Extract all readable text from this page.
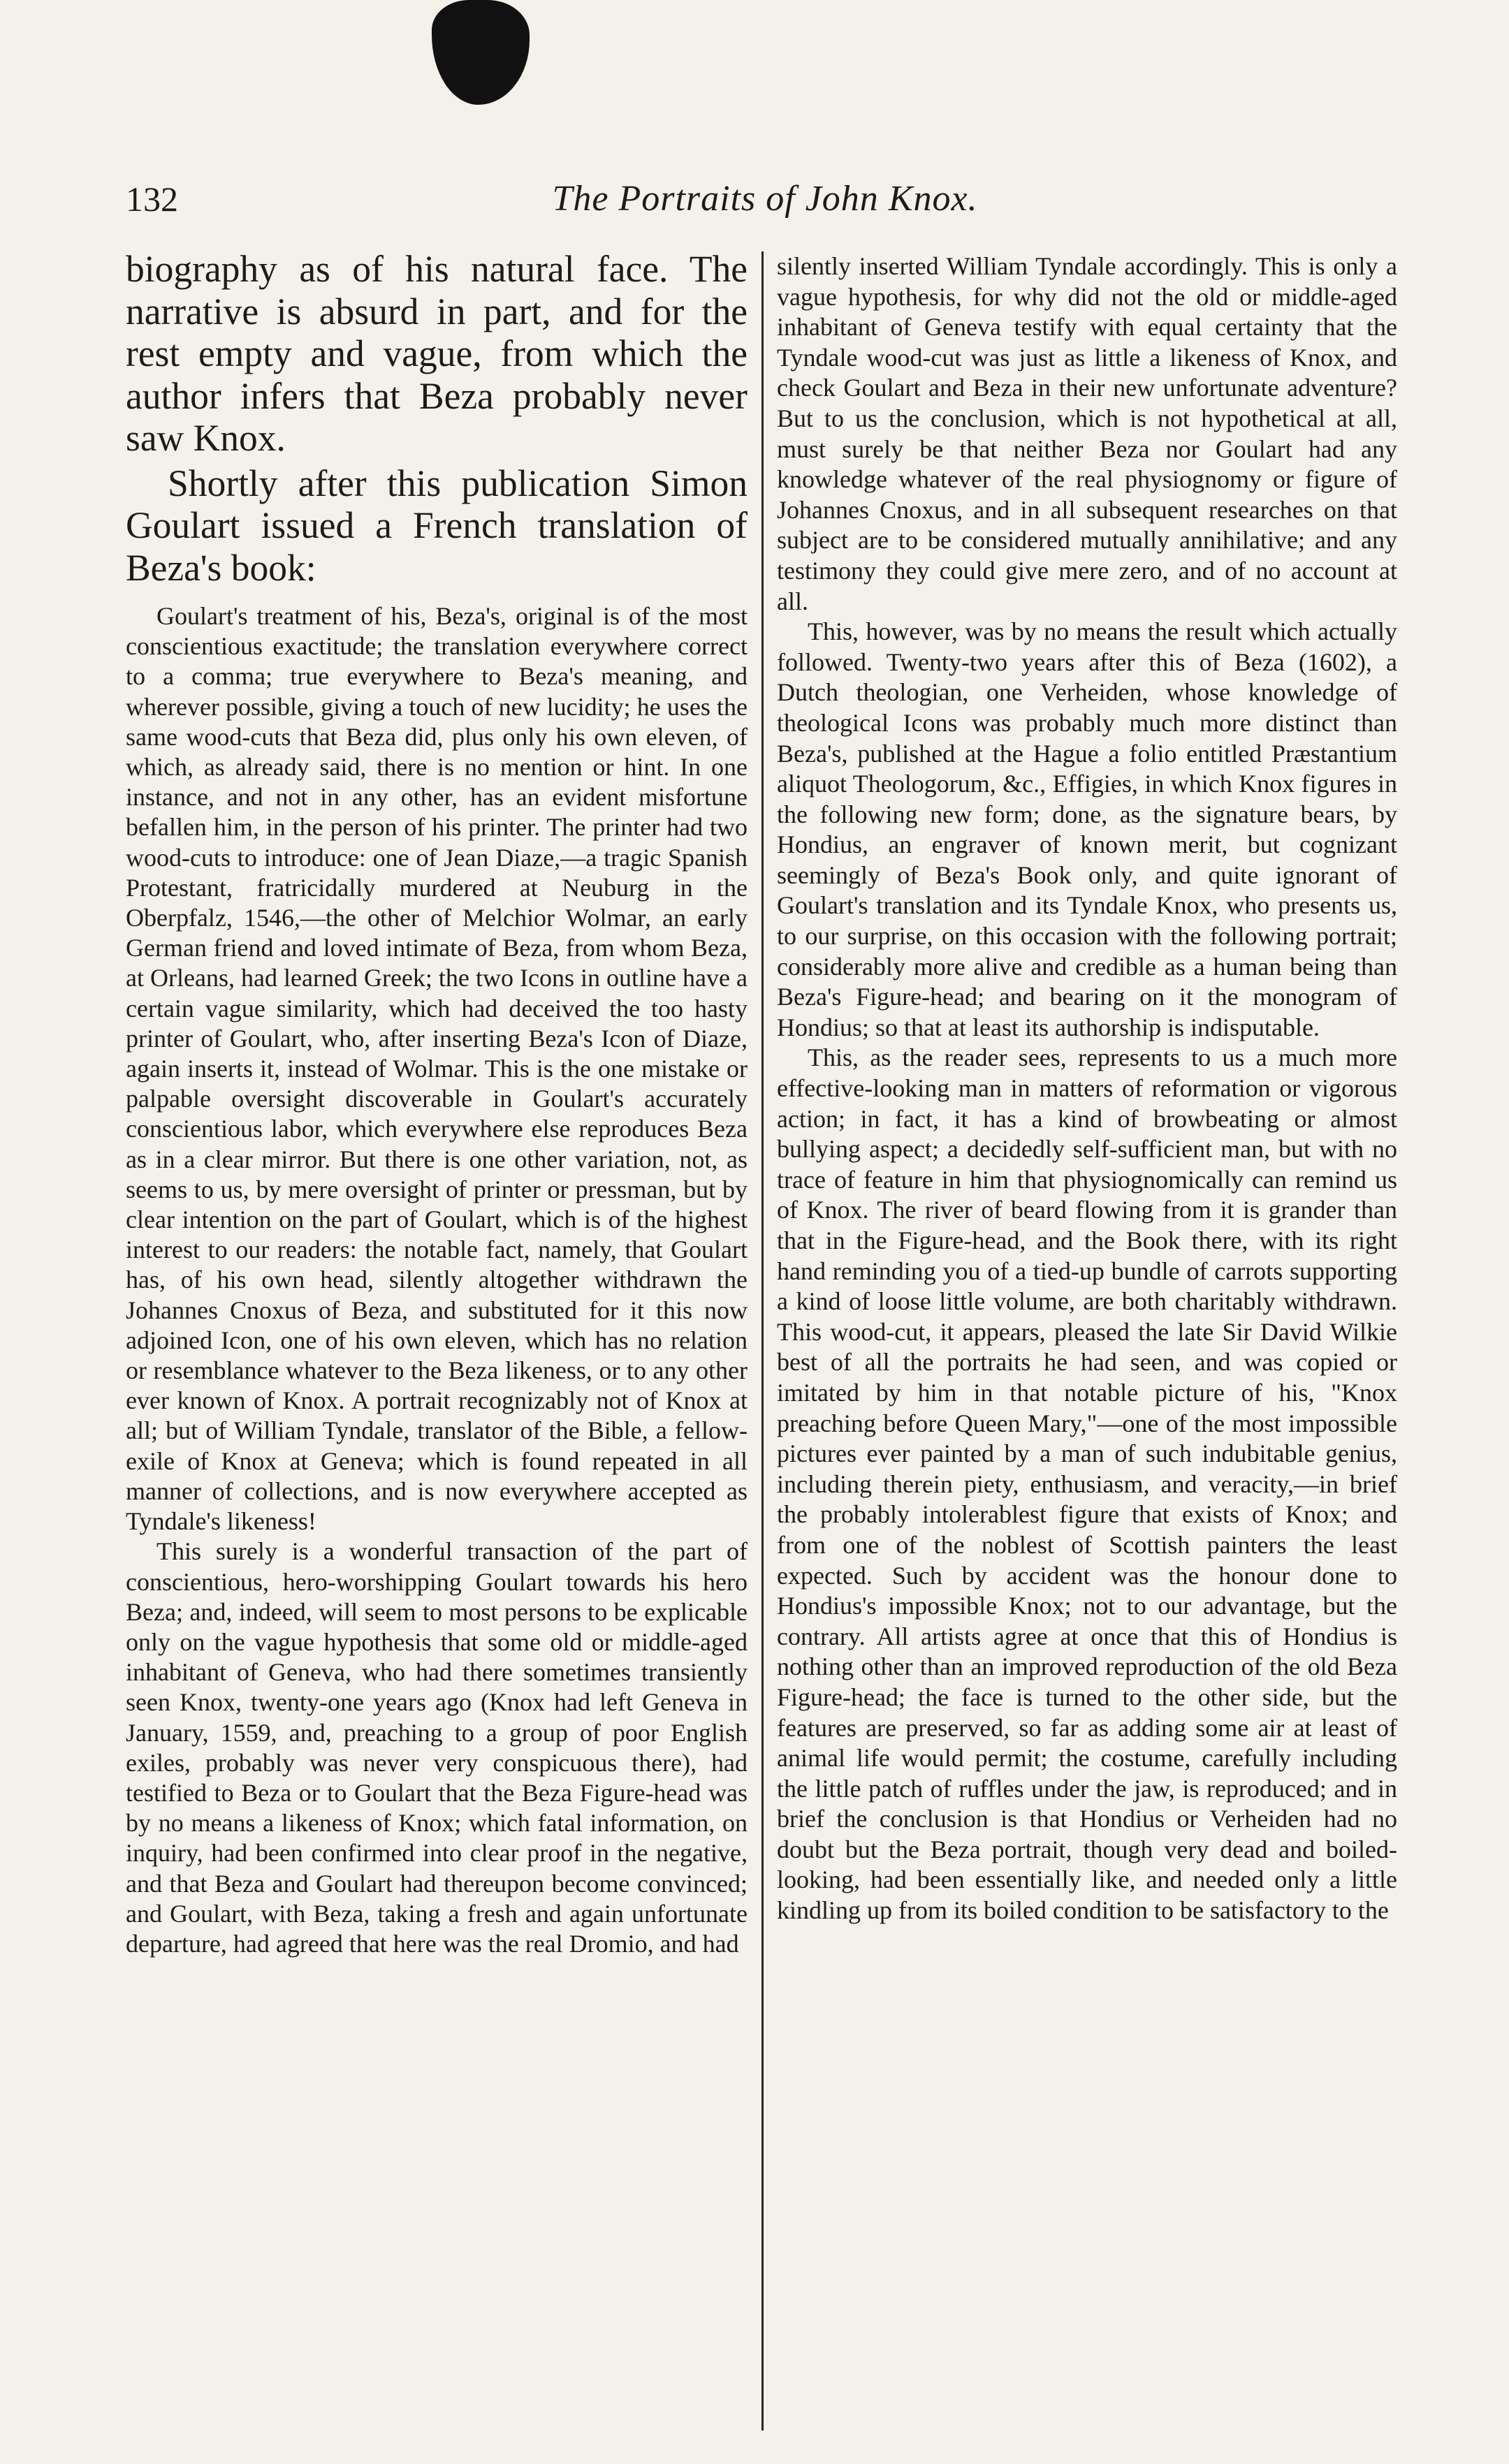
132	The Portraits of John Knox.

biography as of his natural face. The narrative is absurd in part, and for the rest empty and vague, from which the author infers that Beza probably never saw Knox.

Shortly after this publication Simon Goulart issued a French translation of Beza's book:

Goulart's treatment of his, Beza's, original is of the most conscientious exactitude; the translation everywhere correct to a comma; true everywhere to Beza's meaning, and wherever possible, giving a touch of new lucidity; he uses the same wood-cuts that Beza did, plus only his own eleven, of which, as already said, there is no mention or hint. In one instance, and not in any other, has an evident misfortune befallen him, in the person of his printer. The printer had two wood-cuts to introduce: one of Jean Diaze,—a tragic Spanish Protestant, fratricidally murdered at Neuburg in the Oberpfalz, 1546,—the other of Melchior Wolmar, an early German friend and loved intimate of Beza, from whom Beza, at Orleans, had learned Greek; the two Icons in outline have a certain vague similarity, which had deceived the too hasty printer of Goulart, who, after inserting Beza's Icon of Diaze, again inserts it, instead of Wolmar. This is the one mistake or palpable oversight discoverable in Goulart's accurately conscientious labor, which everywhere else reproduces Beza as in a clear mirror. But there is one other variation, not, as seems to us, by mere oversight of printer or pressman, but by clear intention on the part of Goulart, which is of the highest interest to our readers: the notable fact, namely, that Goulart has, of his own head, silently altogether withdrawn the Johannes Cnoxus of Beza, and substituted for it this now adjoined Icon, one of his own eleven, which has no relation or resemblance whatever to the Beza likeness, or to any other ever known of Knox. A portrait recognizably not of Knox at all; but of William Tyndale, translator of the Bible, a fellow-exile of Knox at Geneva; which is found repeated in all manner of collections, and is now everywhere accepted as Tyndale's likeness!

This surely is a wonderful transaction of the part of conscientious, hero-worshipping Goulart towards his hero Beza; and, indeed, will seem to most persons to be explicable only on the vague hypothesis that some old or middle-aged inhabitant of Geneva, who had there sometimes transiently seen Knox, twenty-one years ago (Knox had left Geneva in January, 1559, and, preaching to a group of poor English exiles, probably was never very conspicuous there), had testified to Beza or to Goulart that the Beza Figure-head was by no means a likeness of Knox; which fatal information, on inquiry, had been confirmed into clear proof in the negative, and that Beza and Goulart had thereupon become convinced; and Goulart, with Beza, taking a fresh and again unfortunate departure, had agreed that here was the real Dromio, and had

silently inserted William Tyndale accordingly. This is only a vague hypothesis, for why did not the old or middle-aged inhabitant of Geneva testify with equal certainty that the Tyndale wood-cut was just as little a likeness of Knox, and check Goulart and Beza in their new unfortunate adventure? But to us the conclusion, which is not hypothetical at all, must surely be that neither Beza nor Goulart had any knowledge whatever of the real physiognomy or figure of Johannes Cnoxus, and in all subsequent researches on that subject are to be considered mutually annihilative; and any testimony they could give mere zero, and of no account at all.

This, however, was by no means the result which actually followed. Twenty-two years after this of Beza (1602), a Dutch theologian, one Verheiden, whose knowledge of theological Icons was probably much more distinct than Beza's, published at the Hague a folio entitled Præstantium aliquot Theologorum, &c., Effigies, in which Knox figures in the following new form; done, as the signature bears, by Hondius, an engraver of known merit, but cognizant seemingly of Beza's Book only, and quite ignorant of Goulart's translation and its Tyndale Knox, who presents us, to our surprise, on this occasion with the following portrait; considerably more alive and credible as a human being than Beza's Figure-head; and bearing on it the monogram of Hondius; so that at least its authorship is indisputable.

This, as the reader sees, represents to us a much more effective-looking man in matters of reformation or vigorous action; in fact, it has a kind of browbeating or almost bullying aspect; a decidedly self-sufficient man, but with no trace of feature in him that physiognomically can remind us of Knox. The river of beard flowing from it is grander than that in the Figure-head, and the Book there, with its right hand reminding you of a tied-up bundle of carrots supporting a kind of loose little volume, are both charitably withdrawn. This wood-cut, it appears, pleased the late Sir David Wilkie best of all the portraits he had seen, and was copied or imitated by him in that notable picture of his, "Knox preaching before Queen Mary,"—one of the most impossible pictures ever painted by a man of such indubitable genius, including therein piety, enthusiasm, and veracity,—in brief the probably intolerablest figure that exists of Knox; and from one of the noblest of Scottish painters the least expected. Such by accident was the honour done to Hondius's impossible Knox; not to our advantage, but the contrary. All artists agree at once that this of Hondius is nothing other than an improved reproduction of the old Beza Figure-head; the face is turned to the other side, but the features are preserved, so far as adding some air at least of animal life would permit; the costume, carefully including the little patch of ruffles under the jaw, is reproduced; and in brief the conclusion is that Hondius or Verheiden had no doubt but the Beza portrait, though very dead and boiled-looking, had been essentially like, and needed only a little kindling up from its boiled condition to be satisfactory to the
